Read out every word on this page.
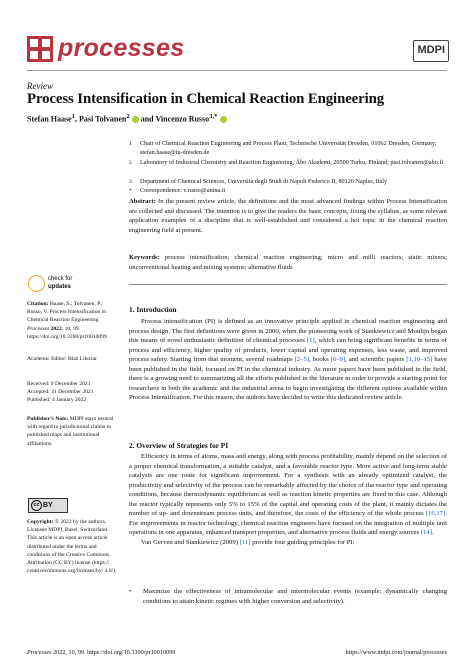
processes	MDPI
Review
Process Intensification in Chemical Reaction Engineering
Stefan Haase$^1$, Pasi Tolvanen$^2$  and Vincenzo Russo$^{3,*}$
1 Chair of Chemical Reaction Engineering and Process Plant, Technische Universität Dresden, 01062 Dresden, Germany; stefan.haase@tu-dresden.de
2 Laboratory of Industrial Chemistry and Reaction Engineering, Åbo Akademi, 20500 Turku, Finland; pasi.tolvanen@abo.fi
3 Department of Chemical Sciences, Università degli Studi di Napoli Federico II, 80126 Naples, Italy
* Correspondence: v.russo@unina.it
Abstract: In the present review article, the definitions and the most advanced findings within Process Intensification are collected and discussed. The intention is to give the readers the basic concepts, fixing the syllabus, as some relevant application examples of a discipline that is well-established and considered a hot topic in the chemical reaction engineering field at present.
Keywords: process intensification; chemical reaction engineering; micro and milli reactors; static mixers; unconventional heating and mixing systems; alternative fluids
1. Introduction
Process intensification (PI) is defined as an innovative principle applied in chemical reaction engineering and process design. The first definitions were given in 2000, when the pioneering work of Stankiewicz and Moulijn began this means of novel enthusiastic definition of chemical processes [1], which can bring significant benefits in terms of process and efficiency, higher quality of products, lower capital and operating expenses, less waste, and improved process safety. Starting from that moment, several roadmaps [2–5], books [6–9], and scientific papers [1,10–15] have been published in the field, focused on PI in the chemical industry. As more papers have been published in the field, there is a growing need to summarizing all the efforts published in the literature in order to provide a starting point for researchers in both the academic and the industrial arena to begin investigating the different options available within Process Intensification. For this reason, the authors have decided to write this dedicated review article.
2. Overview of Strategies for PI
Efficiency in terms of atoms, mass and energy, along with process profitability, mainly depend on the selection of a proper chemical transformation, a suitable catalyst, and a favorable reactor type. More active and long-term stable catalysts are one route for significant improvement. For a synthesis with an already optimized catalyst, the productivity and selectivity of the process can be remarkably affected by the choice of the reactor type and operating conditions, because thermodynamic equilibrium as well as reaction kinetic properties are fixed in this case. Although the reactor typically represents only 5% to 15% of the capital and operating costs of the plant, it mainly dictates the number of up- and downstream process units, and therefore, the costs of the efficiency of the whole process [16,17]. For improvements in reactor technology, chemical reaction engineers have focused on the integration of multiple unit operations in one apparatus, enhanced transport properties, and alternative process fluids and energy sources [14].
Van Gerven and Stankiewicz (2009) [11] provide four guiding principles for PI:
• Maximize the effectiveness of intramolecular and intermolecular events (example: dynamically changing conditions to attain kinetic regimes with higher conversion and selectivity).
check for
updates
Citation: Haase, S.; Tolvanen, P.; Russo, V. Process Intensification in Chemical Reaction Engineering. Processes 2022, 10, 99. https://doi.org/10.3390/pr10010099
Academic Editor: Blaž Likozar
Received: 9 December 2021
Accepted: 31 December 2021
Published: 4 January 2022
Publisher’s Note: MDPI stays neutral with regard to jurisdictional claims in published maps and institutional affiliations.
cc BY
Copyright: © 2022 by the authors. Licensee MDPI, Basel, Switzerland. This article is an open access article distributed under the terms and conditions of the Creative Commons Attribution (CC BY) license (https:// creativecommons.org/licenses/by/ 4.0/).
Processes 2022, 10, 99. https://doi.org/10.3390/pr10010099	https://www.mdpi.com/journal/processes
